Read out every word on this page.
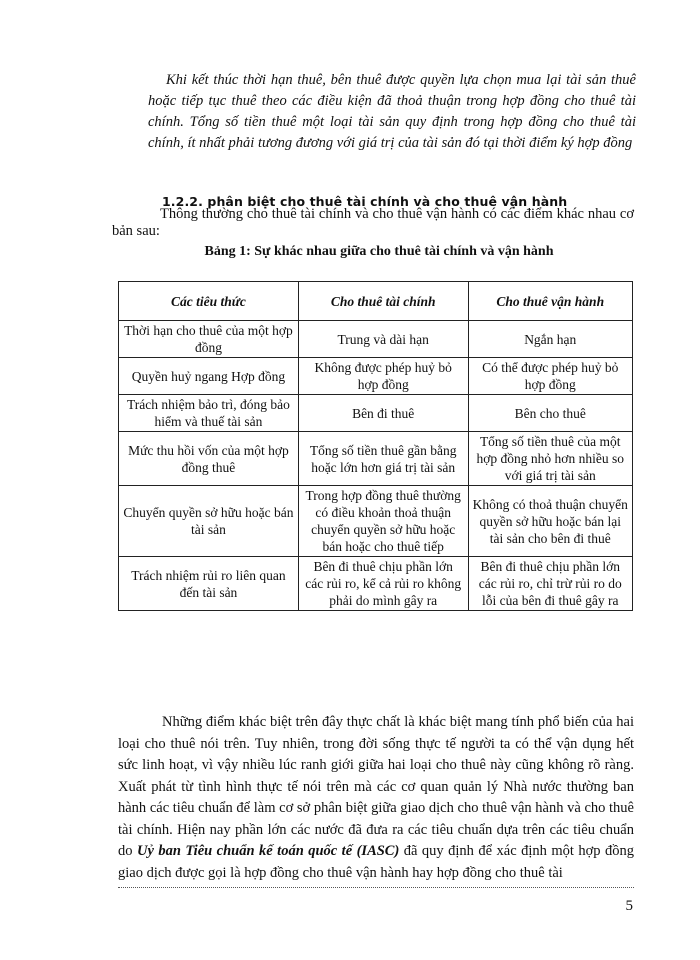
Khi kết thúc thời hạn thuê, bên thuê được quyền lựa chọn mua lại tài sản thuê hoặc tiếp tục thuê theo các điều kiện đã thoả thuận trong hợp đồng cho thuê tài chính. Tổng số tiền thuê một loại tài sản quy định trong hợp đồng cho thuê tài chính, ít nhất phải tương đương với giá trị của tài sản đó tại thời điểm ký hợp đồng

1.2.2. phân biệt cho thuê tài chính và cho thuê vận hành

Thông thường cho thuê tài chính và cho thuê vận hành có các điểm khác nhau cơ bản sau:

Bảng 1: Sự khác nhau giữa cho thuê tài chính và vận hành

Các tiêu thức	Cho thuê tài chính	Cho thuê vận hành
Thời hạn cho thuê của một hợp đồng	Trung và dài hạn	Ngắn hạn
Quyền huỷ ngang Hợp đồng	Không được phép huỷ bỏ hợp đồng	Có thể được phép huỷ bỏ hợp đồng
Trách nhiệm bảo trì, đóng bảo hiểm và thuế tài sản	Bên đi thuê	Bên cho thuê
Mức thu hồi vốn của một hợp đồng thuê	Tổng số tiền thuê gần bằng hoặc lớn hơn giá trị tài sản	Tổng số tiền thuê của một hợp đồng nhỏ hơn nhiều so với giá trị tài sản
Chuyển quyền sở hữu hoặc bán tài sản	Trong hợp đồng thuê thường có điều khoản thoả thuận chuyển quyền sở hữu hoặc bán hoặc cho thuê tiếp	Không có thoả thuận chuyển quyền sở hữu hoặc bán lại tài sản cho bên đi thuê
Trách nhiệm rủi ro liên quan đến tài sản	Bên đi thuê chịu phần lớn các rủi ro, kể cả rủi ro không phải do mình gây ra	Bên đi thuê chịu phần lớn các rủi ro, chỉ trừ rủi ro do lỗi của bên đi thuê gây ra

Những điểm khác biệt trên đây thực chất là khác biệt mang tính phổ biến của hai loại cho thuê nói trên. Tuy nhiên, trong đời sống thực tế người ta có thể vận dụng hết sức linh hoạt, vì vậy nhiều lúc ranh giới giữa hai loại cho thuê này cũng không rõ ràng. Xuất phát từ tình hình thực tế nói trên mà các cơ quan quản lý Nhà nước thường ban hành các tiêu chuẩn để làm cơ sở phân biệt giữa giao dịch cho thuê vận hành và cho thuê tài chính. Hiện nay phần lớn các nước đã đưa ra các tiêu chuẩn dựa trên các tiêu chuẩn do Uỷ ban Tiêu chuẩn kế toán quốc tế (IASC) đã quy định để xác định một hợp đồng giao dịch được gọi là hợp đồng cho thuê vận hành hay hợp đồng cho thuê tài

5
